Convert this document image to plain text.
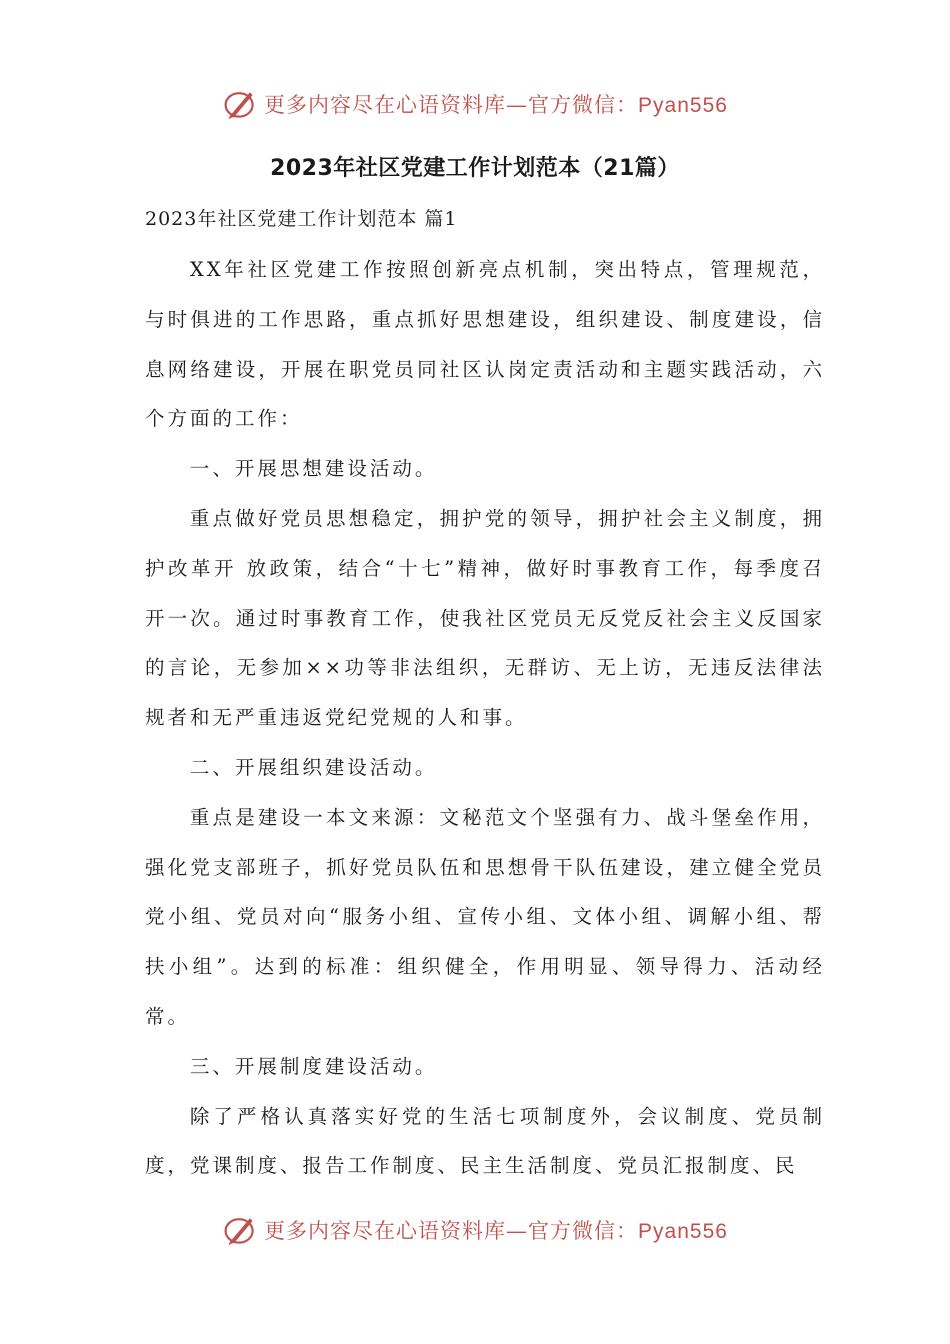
更多内容尽在心语资料库—官方微信：Pyan556
2023年社区党建工作计划范本（21篇）

2023年社区党建工作计划范本 篇1

XX年社区党建工作按照创新亮点机制，突出特点，管理规范，与时俱进的工作思路，重点抓好思想建设，组织建设、制度建设，信息网络建设，开展在职党员同社区认岗定责活动和主题实践活动，六个方面的工作：

一、开展思想建设活动。

重点做好党员思想稳定，拥护党的领导，拥护社会主义制度，拥护改革开 放政策，结合“十七”精神，做好时事教育工作，每季度召开一次。通过时事教育工作，使我社区党员无反党反社会主义反国家的言论，无参加××功等非法组织，无群访、无上访，无违反法律法规者和无严重违返党纪党规的人和事。

二、开展组织建设活动。

重点是建设一本文来源：文秘范文个坚强有力、战斗堡垒作用，强化党支部班子，抓好党员队伍和思想骨干队伍建设，建立健全党员党小组、党员对向“服务小组、宣传小组、文体小组、调解小组、帮扶小组”。达到的标准：组织健全，作用明显、领导得力、活动经常。

三、开展制度建设活动。

除了严格认真落实好党的生活七项制度外，会议制度、党员制度，党课制度、报告工作制度、民主生活制度、党员汇报制度、民

更多内容尽在心语资料库—官方微信：Pyan556
